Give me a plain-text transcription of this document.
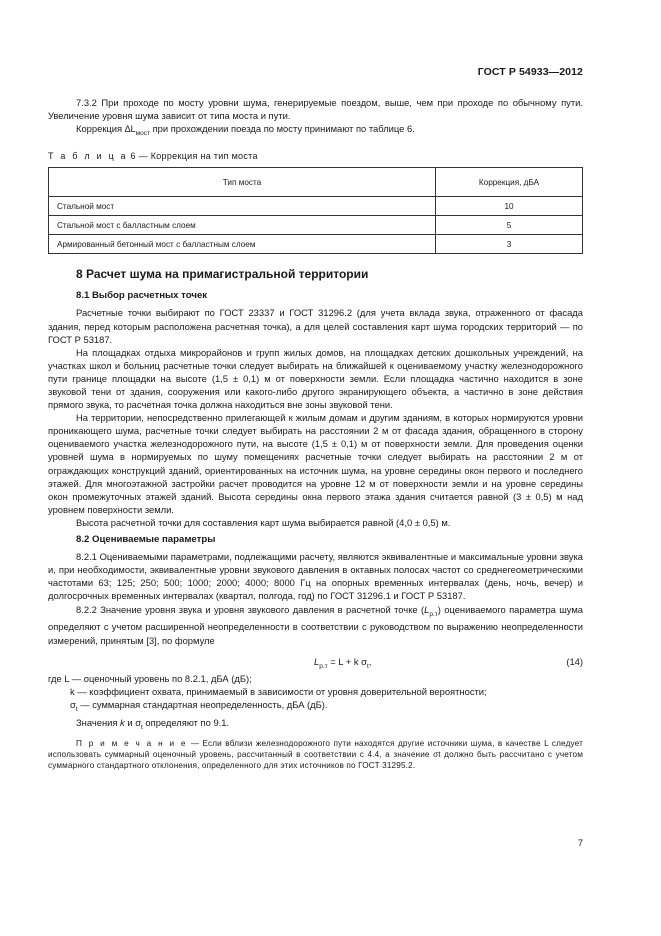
ГОСТ Р 54933—2012

7.3.2 При проходе по мосту уровни шума, генерируемые поездом, выше, чем при проходе по обычному пути. Увеличение уровня шума зависит от типа моста и пути.

Коррекция $\Delta L_{мост}$ при прохождении поезда по мосту принимают по таблице 6.

Т а б л и ц а 6 — Коррекция на тип моста
Тип моста	Коррекция, дБА
Стальной мост	10
Стальной мост с балластным слоем	5
Армированный бетонный мост с балластным слоем	3
8 Расчет шума на примагистральной территории
8.1 Выбор расчетных точек

Расчетные точки выбирают по ГОСТ 23337 и ГОСТ 31296.2 (для учета вклада звука, отраженного от фасада здания, перед которым расположена расчетная точка), а для целей составления карт шума городских территорий — по ГОСТ Р 53187.

На площадках отдыха микрорайонов и групп жилых домов, на площадках детских дошкольных учреждений, на участках школ и больниц расчетные точки следует выбирать на ближайшей к оцениваемому участку железнодорожного пути границе площадки на высоте (1,5 ± 0,1) м от поверхности земли. Если площадка частично находится в зоне звуковой тени от здания, сооружения или какого-либо другого экранирующего объекта, а частично в зоне действия прямого звука, то расчетная точка должна находиться вне зоны звуковой тени.

На территории, непосредственно прилегающей к жилым домам и другим зданиям, в которых нормируются уровни проникающего шума, расчетные точки следует выбирать на расстоянии 2 м от фасада здания, обращенного в сторону оцениваемого участка железнодорожного пути, на высоте (1,5 ± 0,1) м от поверхности земли. Для проведения оценки уровней шума в нормируемых по шуму помещениях расчетные точки следует выбирать на расстоянии 2 м от ограждающих конструкций зданий, ориентированных на источник шума, на уровне середины окон первого и последнего этажей. Для многоэтажной застройки расчет проводится на уровне 12 м от поверхности земли и на уровне середины окон промежуточных этажей зданий. Высота середины окна первого этажа здания считается равной (3 ± 0,5) м над уровнем поверхности земли.

Высота расчетной точки для составления карт шума выбирается равной (4,0 ± 0,5) м.

8.2 Оцениваемые параметры

8.2.1 Оцениваемыми параметрами, подлежащими расчету, являются эквивалентные и максимальные уровни звука и, при необходимости, эквивалентные уровни звукового давления в октавных полосах частот со среднегеометрическими частотами 63; 125; 250; 500; 1000; 2000; 4000; 8000 Гц на опорных временных интервалах (день, ночь, вечер) и долгосрочных временных интервалах (квартал, полгода, год) по ГОСТ 31296.1 и ГОСТ Р 53187.

8.2.2 Значение уровня звука и уровня звукового давления в расчетной точке $(L_{р.т})$ оцениваемого параметра шума определяют с учетом расширенной неопределенности в соответствии с руководством по выражению неопределенности измерений, принятым [3], по формуле

$L_{р.т} = L + k$ $\sigma_t$,	(14)

где L — оценочный уровень по 8.2.1, дБА (дБ);

k — коэффициент охвата, принимаемый в зависимости от уровня доверительной вероятности;

$\sigma_t$ — суммарная стандартная неопределенность, дБА (дБ).

Значения k и $\sigma_t$ определяют по 9.1.

П р и м е ч а н и е — Если вблизи железнодорожного пути находятся другие источники шума, в качестве L следует использовать суммарный оценочный уровень, рассчитанный в соответствии с 4.4, а значение σt должно быть рассчитано с учетом суммарного стандартного отклонения, определенного для этих источников по ГОСТ 31295.2.

7
